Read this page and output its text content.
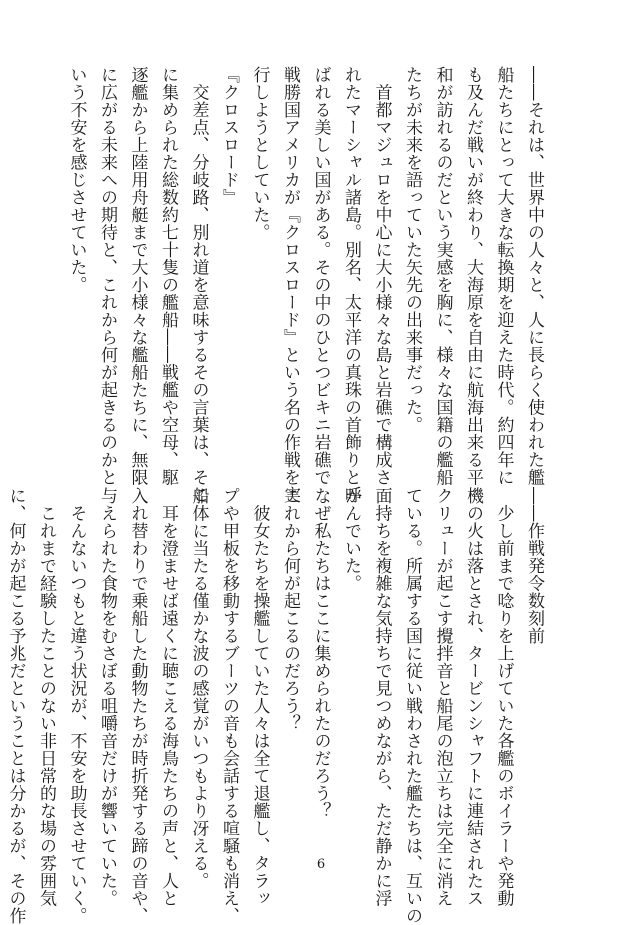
――それは、世界中の人々と、人に長らく使われた艦
船たちにとって大きな転換期を迎えた時代。約四年に
も及んだ戦いが終わり、大海原を自由に航海出来る平
和が訪れるのだという実感を胸に、様々な国籍の艦船
たちが未来を語っていた矢先の出来事だった。
　首都マジュロを中心に大小様々な島と岩礁で構成さ
れたマーシャル諸島。別名、太平洋の真珠の首飾りと呼
ばれる美しい国がある。その中のひとつビキニ岩礁で
戦勝国アメリカが『クロスロード』という名の作戦を実
行しようとしていた。
『クロスロード』
　交差点、分岐路、別れ道を意味するその言葉は、そこ
に集められた総数約七十隻の艦船――戦艦や空母、駆
逐艦から上陸用舟艇まで大小様々な艦船たちに、無限
に広がる未来への期待と、これから何が起きるのかと
いう不安を感じさせていた。
――作戦発令数刻前
　少し前まで唸りを上げていた各艦のボイラーや発動
機の火は落とされ、タービンシャフトに連結されたス
クリューが起こす攪拌音と船尾の泡立ちは完全に消え
ている。所属する国に従い戦わされた艦たちは、互いの
面持ちを複雑な気持ちで見つめながら、ただ静かに浮
かんでいた。
なぜ私たちはここに集められたのだろう？
これから何が起こるのだろう？
　彼女たちを操艦していた人々は全て退艦し、タラッ
プや甲板を移動するブーツの音も会話する喧騒も消え、
船体に当たる僅かな波の感覚がいつもより冴える。
　耳を澄ませば遠くに聴こえる海鳥たちの声と、人と
入れ替わりで乗船した動物たちが時折発する蹄の音や、
与えられた食物をむさぼる咀嚼音だけが響いていた。
　そんないつもと違う状況が、不安を助長させていく。
　これまで経験したことのない非日常的な場の雰囲気
に、何かが起こる予兆だということは分かるが、その作	6
